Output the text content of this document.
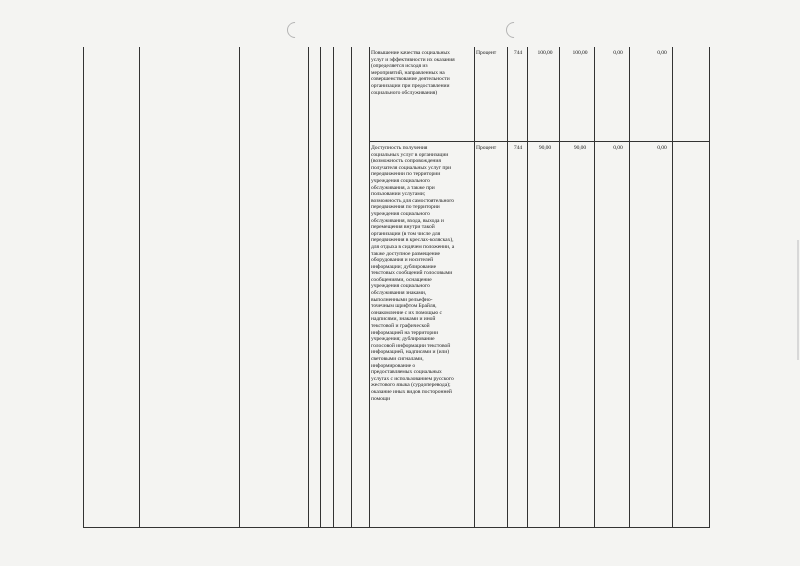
Повышение качества социальных
услуг и эффективности их оказания
(определяется исходя из
мероприятий, направленных на
совершенствование деятельности
организации при предоставлении
социального обслуживания)
Процент	744	100,00	100,00	0,00	0,00
Доступность получения
социальных услуг в организации
(возможность сопровождения
получателя социальных услуг при
передвижении по территории
учреждения социального
обслуживания, а также при
пользовании услугами;
возможность для самостоятельного
передвижения по территории
учреждения социального
обслуживания, входа, выхода и
перемещения внутри такой
организации (в том числе для
передвижения в креслах-колясках),
для отдыха в сидячем положении, а
также доступное размещение
оборудования и носителей
информации; дублирование
текстовых сообщений голосовыми
сообщениями, оснащение
учреждения социального
обслуживания знаками,
выполненными рельефно-
точечным шрифтом Брайля,
ознакомление с их помощью с
надписями, знаками и иной
текстовой и графической
информацией на территории
учреждения; дублирование
голосовой информации текстовой
информацией, надписями и (или)
световыми сигналами,
информирование о
предоставляемых социальных
услугах с использованием русского
жестового языка (сурдоперевода);
оказание иных видов посторонней
помощи
Процент	744	90,00	90,00	0,00	0,00
